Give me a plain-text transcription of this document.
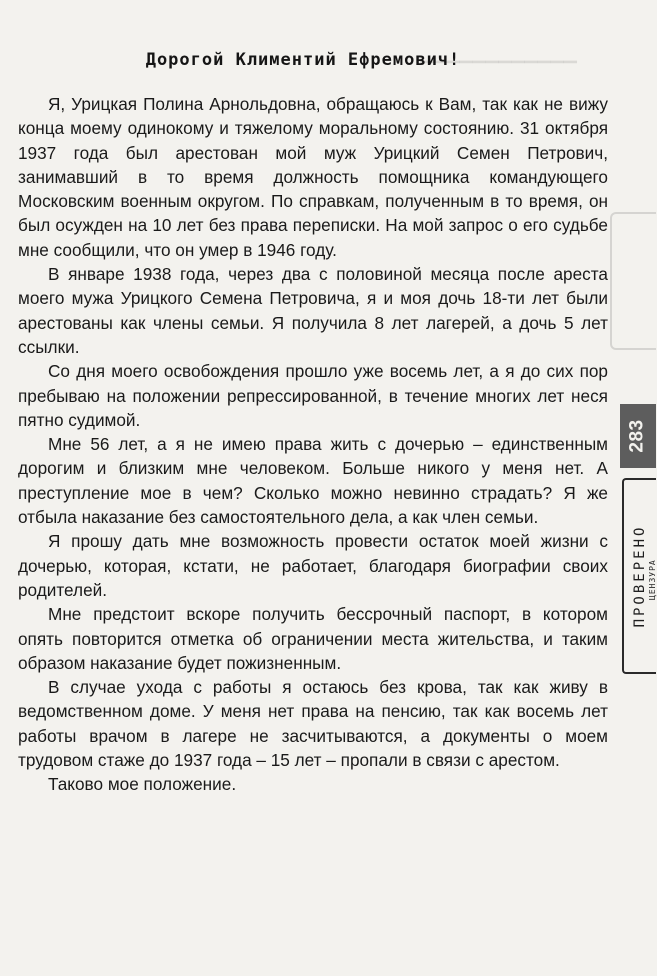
▁▁▁▁▁▁▁▁▁▁▁▁
Дорогой Климентий Ефремович!

Я, Урицкая Полина Арнольдовна, обращаюсь к Вам, так как не вижу конца моему одинокому и тяжелому моральному состоянию. 31 октября 1937 года был арестован мой муж Урицкий Семен Петрович, занимавший в то время должность помощника командующего Московским военным округом. По справкам, полученным в то время, он был осужден на 10 лет без права переписки. На мой запрос о его судьбе мне сообщили, что он умер в 1946 году.

В январе 1938 года, через два с половиной месяца после ареста моего мужа Урицкого Семена Петровича, я и моя дочь 18-ти лет были арестованы как члены семьи. Я получила 8 лет лагерей, а дочь 5 лет ссылки.

Со дня моего освобождения прошло уже восемь лет, а я до сих пор пребываю на положении репрессированной, в течение многих лет неся пятно судимой.

Мне 56 лет, а я не имею права жить с дочерью – единственным дорогим и близким мне человеком. Больше никого у меня нет. А преступление мое в чем? Сколько можно невинно страдать? Я же отбыла наказание без самостоятельного дела, а как член семьи.

Я прошу дать мне возможность провести остаток моей жизни с дочерью, которая, кстати, не работает, благодаря биографии своих родителей.

Мне предстоит вскоре получить бессрочный паспорт, в котором опять повторится отметка об ограничении места жительства, и таким образом наказание будет пожизненным.

В случае ухода с работы я остаюсь без крова, так как живу в ведомственном доме. У меня нет права на пенсию, так как восемь лет работы врачом в лагере не засчитываются, а документы о моем трудовом стаже до 1937 года – 15 лет – пропали в связи с арестом.

Таково мое положение.

283
ПРОВЕРЕНО ЦЕНЗУРА
